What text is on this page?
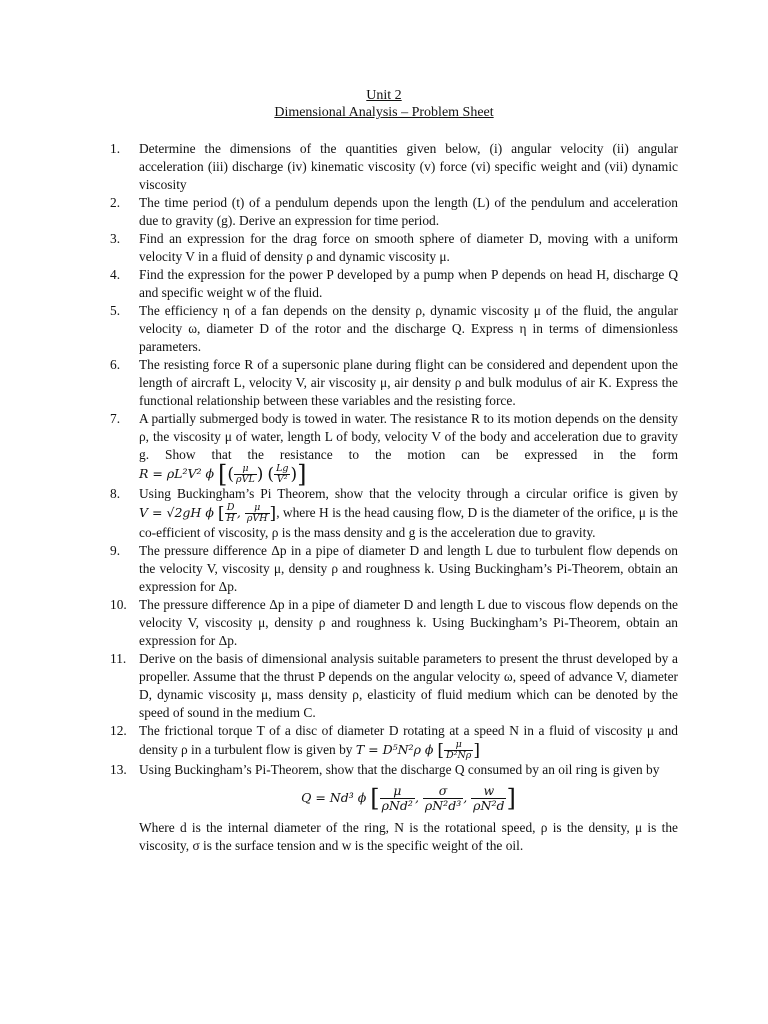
Unit 2
Dimensional Analysis – Problem Sheet
1. Determine the dimensions of the quantities given below, (i) angular velocity (ii) angular acceleration (iii) discharge (iv) kinematic viscosity (v) force (vi) specific weight and (vii) dynamic viscosity
2. The time period (t) of a pendulum depends upon the length (L) of the pendulum and acceleration due to gravity (g). Derive an expression for time period.
3. Find an expression for the drag force on smooth sphere of diameter D, moving with a uniform velocity V in a fluid of density ρ and dynamic viscosity μ.
4. Find the expression for the power P developed by a pump when P depends on head H, discharge Q and specific weight w of the fluid.
5. The efficiency η of a fan depends on the density ρ, dynamic viscosity μ of the fluid, the angular velocity ω, diameter D of the rotor and the discharge Q. Express η in terms of dimensionless parameters.
6. The resisting force R of a supersonic plane during flight can be considered and dependent upon the length of aircraft L, velocity V, air viscosity μ, air density ρ and bulk modulus of air K. Express the functional relationship between these variables and the resisting force.
7. A partially submerged body is towed in water. The resistance R to its motion depends on the density ρ, the viscosity μ of water, length L of body, velocity V of the body and acceleration due to gravity g. Show that the resistance to the motion can be expressed in the form R = ρL²V² ϕ [( $\frac{\mu}{\text{ρVL}}$ ) ( $\frac{Lg}{\text{V²}}$ )]
8. Using Buckingham’s Pi Theorem, show that the velocity through a circular orifice is given by V = √2gH ϕ [ $\frac{D}{H}$ , $\frac{\mu}{\text{ρVH}}$ ], where H is the head causing flow, D is the diameter of the orifice, μ is the co-efficient of viscosity, ρ is the mass density and g is the acceleration due to gravity.
9. The pressure difference Δp in a pipe of diameter D and length L due to turbulent flow depends on the velocity V, viscosity μ, density ρ and roughness k. Using Buckingham’s Pi-Theorem, obtain an expression for Δp.
10. The pressure difference Δp in a pipe of diameter D and length L due to viscous flow depends on the velocity V, viscosity μ, density ρ and roughness k. Using Buckingham’s Pi-Theorem, obtain an expression for Δp.
11. Derive on the basis of dimensional analysis suitable parameters to present the thrust developed by a propeller. Assume that the thrust P depends on the angular velocity ω, speed of advance V, diameter D, dynamic viscosity μ, mass density ρ, elasticity of fluid medium which can be denoted by the speed of sound in the medium C.
12. The frictional torque T of a disc of diameter D rotating at a speed N in a fluid of viscosity μ and density ρ in a turbulent flow is given by T = D⁵N²ρ ϕ [ $\frac{\mu}{\text{D²Nρ}}$ ]
13. Using Buckingham’s Pi-Theorem, show that the discharge Q consumed by an oil ring is given by
Q = Nd³ ϕ [ $\frac{\mu}{\text{ρNd²}}$ , $\frac{\sigma}{\text{ρN²d³}}$ , $\frac{w}{\text{ρN²d}}$ ]
Where d is the internal diameter of the ring, N is the rotational speed, ρ is the density, μ is the viscosity, σ is the surface tension and w is the specific weight of the oil.
